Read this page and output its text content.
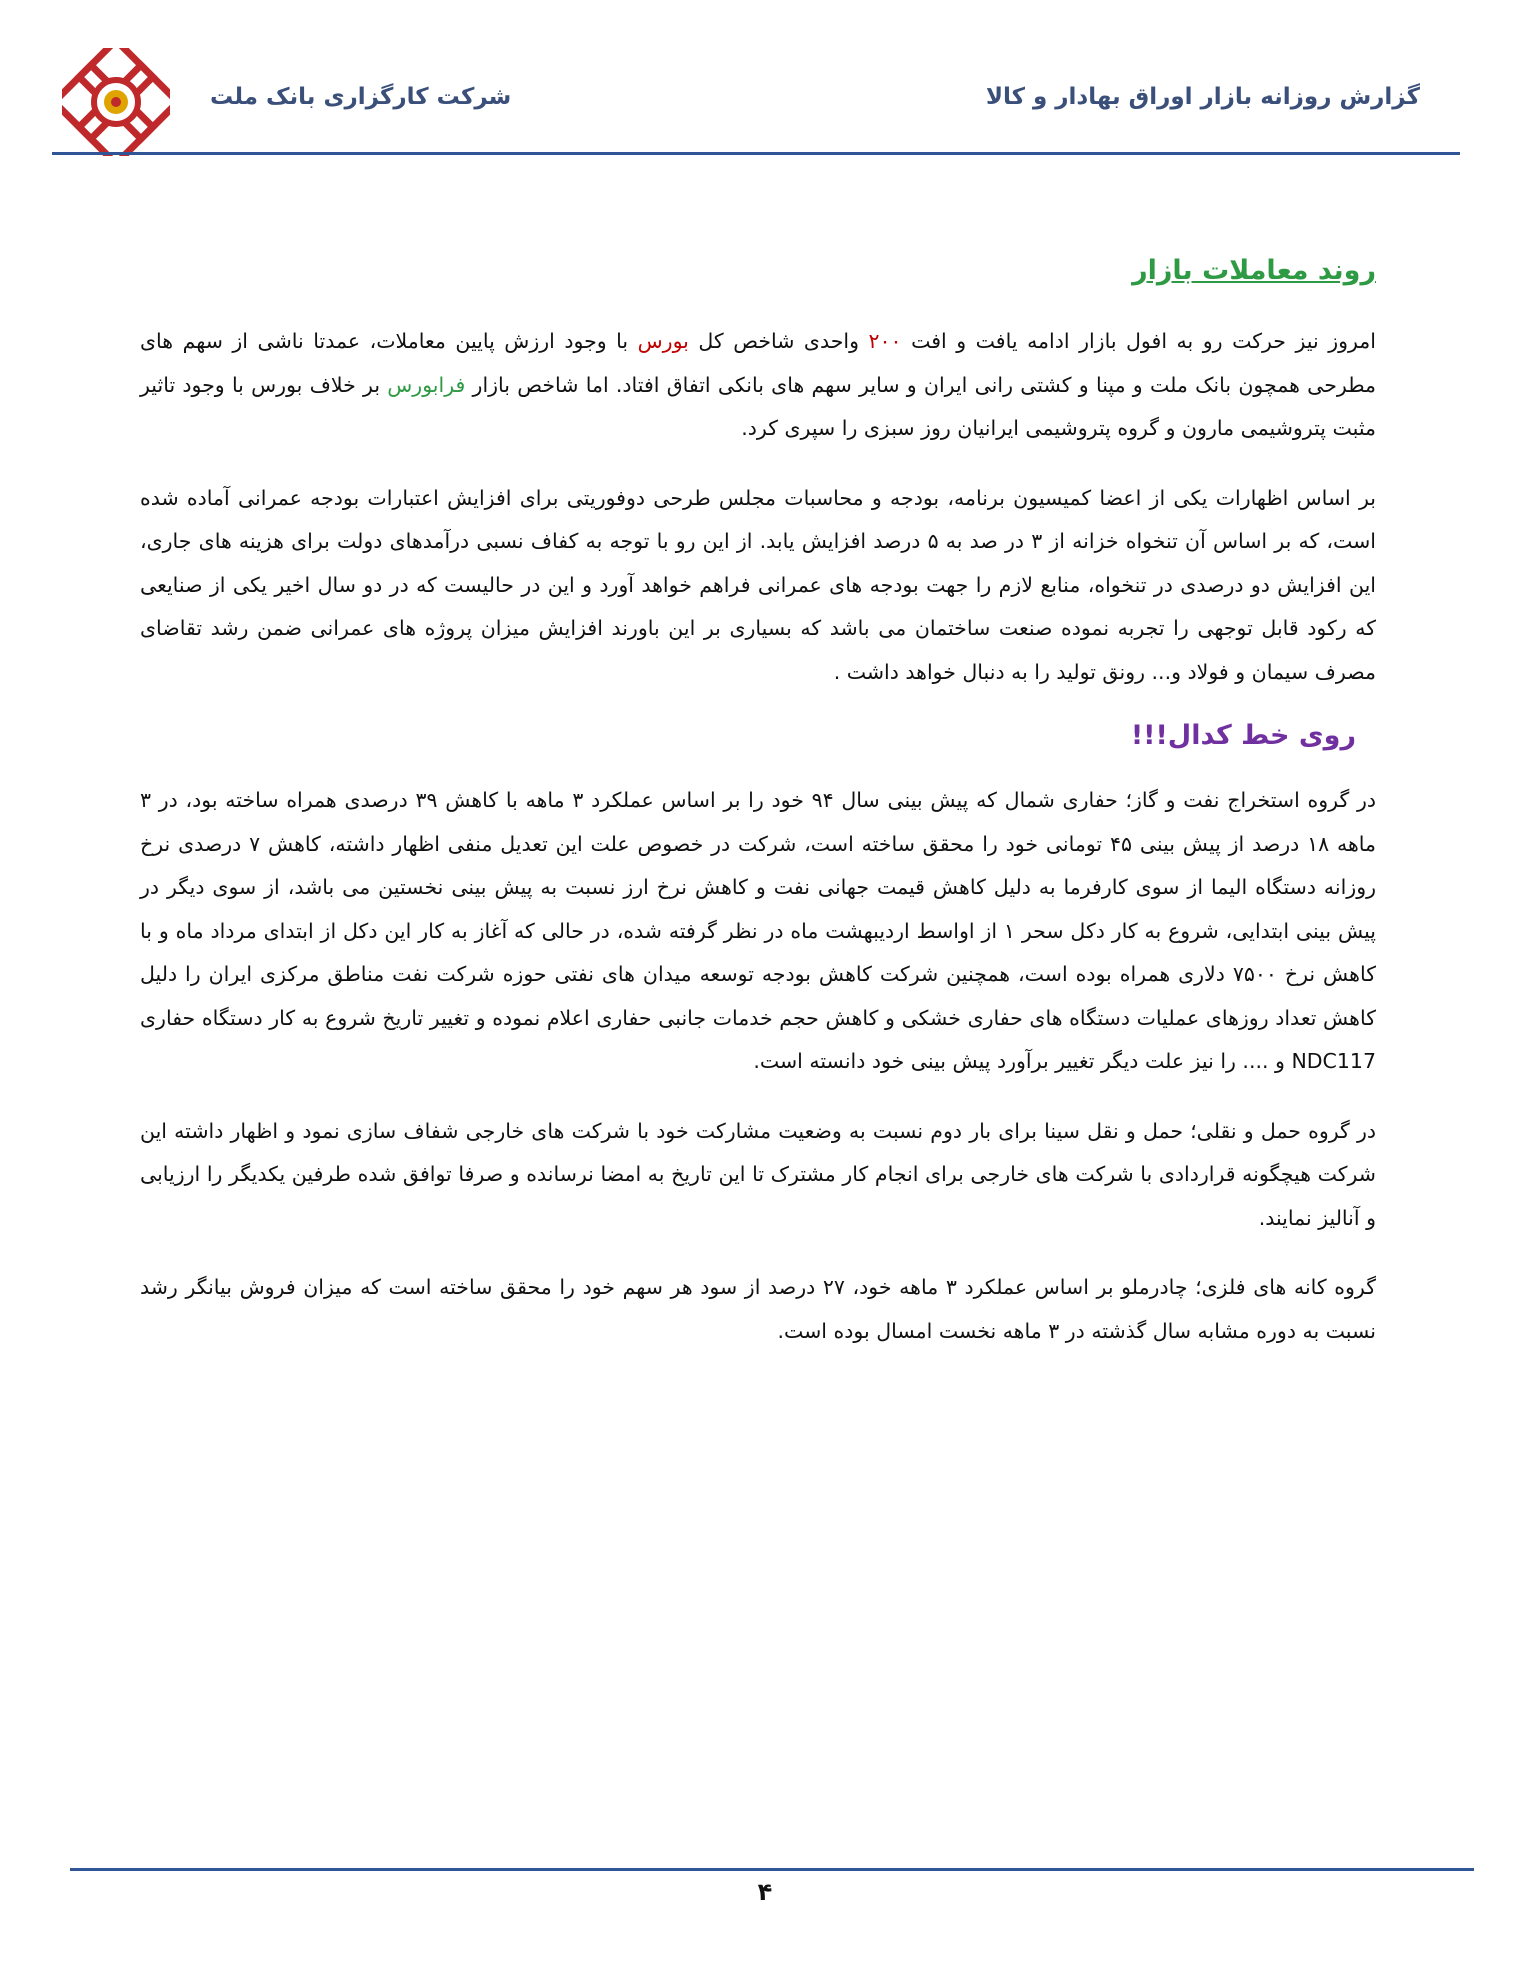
شرکت کارگزاری بانک ملت	گزارش روزانه بازار اوراق بهادار و کالا
روند معاملات بازار

امروز نیز حرکت رو به افول بازار ادامه یافت و افت ۲۰۰ واحدی شاخص کل بورس با وجود ارزش پایین معاملات، عمدتا ناشی از سهم های مطرحی همچون بانک ملت و مپنا و کشتی رانی ایران و سایر سهم های بانکی اتفاق افتاد. اما شاخص بازار فرابورس بر خلاف بورس با وجود تاثیر مثبت پتروشیمی مارون و گروه پتروشیمی ایرانیان روز سبزی را سپری کرد.

بر اساس اظهارات یکی از اعضا کمیسیون برنامه، بودجه و محاسبات مجلس طرحی دوفوریتی برای افزایش اعتبارات بودجه عمرانی آماده شده است، که بر اساس آن تنخواه خزانه از ۳ در صد به ۵ درصد افزایش یابد. از این رو با توجه به کفاف نسبی درآمدهای دولت برای هزینه های جاری، این افزایش دو درصدی در تنخواه، منابع لازم را جهت بودجه های عمرانی فراهم خواهد آورد و این در حالیست که در دو سال اخیر یکی از صنایعی که رکود قابل توجهی را تجربه نموده صنعت ساختمان می باشد که بسیاری بر این باورند افزایش میزان پروژه های عمرانی ضمن رشد تقاضای مصرف سیمان و فولاد و... رونق تولید را به دنبال خواهد داشت .

روی خط کدال!!!

در گروه استخراج نفت و گاز؛ حفاری شمال که پیش بینی سال ۹۴ خود را بر اساس عملکرد ۳ ماهه با کاهش ۳۹ درصدی همراه ساخته بود، در ۳ ماهه ۱۸ درصد از پیش بینی ۴۵ تومانی خود را محقق ساخته است، شرکت در خصوص علت این تعدیل منفی اظهار داشته، کاهش ۷ درصدی نرخ روزانه دستگاه الیما از سوی کارفرما به دلیل کاهش قیمت جهانی نفت و کاهش نرخ ارز نسبت به پیش بینی نخستین می باشد، از سوی دیگر در پیش بینی ابتدایی، شروع به کار دکل سحر ۱ از اواسط اردیبهشت ماه در نظر گرفته شده، در حالی که آغاز به کار این دکل از ابتدای مرداد ماه و با کاهش نرخ ۷۵۰۰ دلاری همراه بوده است، همچنین شرکت کاهش بودجه توسعه میدان های نفتی حوزه شرکت نفت مناطق مرکزی ایران را دلیل کاهش تعداد روزهای عملیات دستگاه های حفاری خشکی و کاهش حجم خدمات جانبی حفاری اعلام نموده و تغییر تاریخ شروع به کار دستگاه حفاری NDC117 و .... را نیز علت دیگر تغییر برآورد پیش بینی خود دانسته است.

در گروه حمل و نقلی؛ حمل و نقل سینا برای بار دوم نسبت به وضعیت مشارکت خود با شرکت های خارجی شفاف سازی نمود و اظهار داشته این شرکت هیچگونه قراردادی با شرکت های خارجی برای انجام کار مشترک تا این تاریخ به امضا نرسانده و صرفا توافق شده طرفین یکدیگر را ارزیابی و آنالیز نمایند.

گروه کانه های فلزی؛ چادرملو بر اساس عملکرد ۳ ماهه خود، ۲۷ درصد از سود هر سهم خود را محقق ساخته است که میزان فروش بیانگر رشد نسبت به دوره مشابه سال گذشته در ۳ ماهه نخست امسال بوده است.

۴
